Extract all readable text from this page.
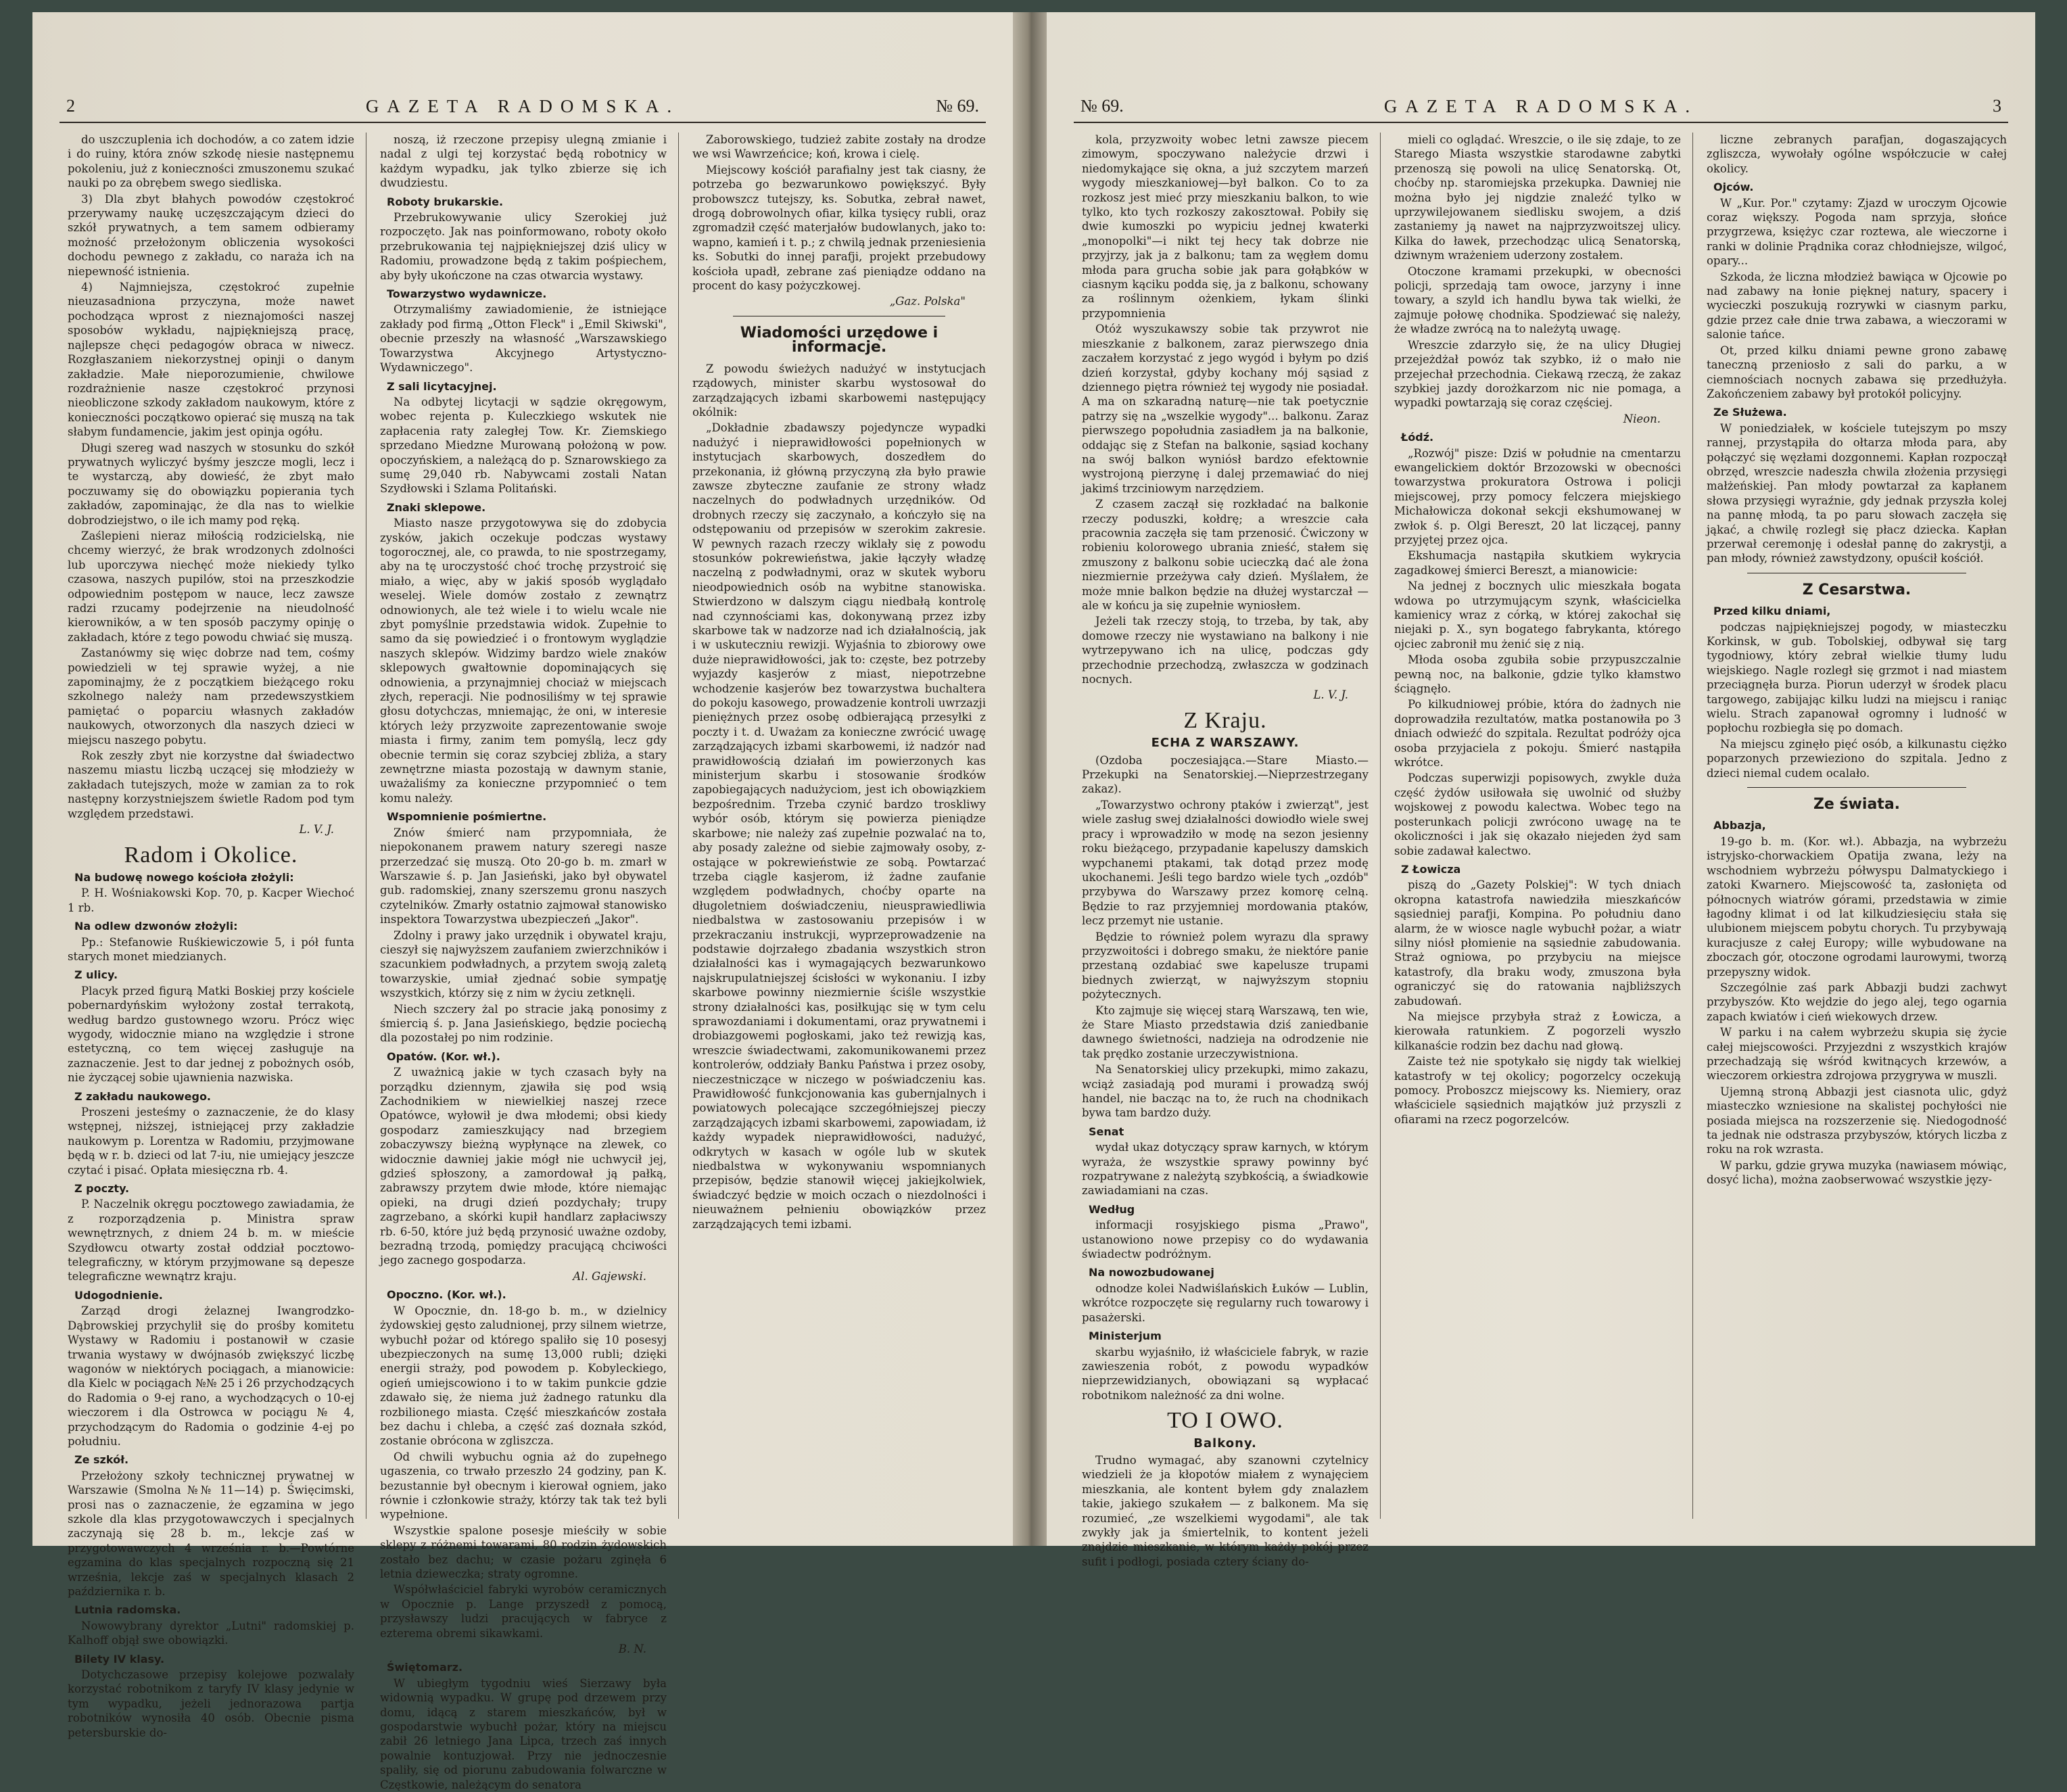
2	GAZETA RADOMSKA.	№ 69.

do uszczuplenia ich dochodów, a co zatem idzie i do ruiny, która znów szkodę niesie następnemu pokoleniu, już z konieczności zmuszonemu szukać nauki po za obrębem swego siedliska.

3) Dla zbyt błahych powodów częstokroć przerywamy naukę uczęszczającym dzieci do szkół prywatnych, a tem samem odbieramy możność przełożonym obliczenia wysokości dochodu pewnego z zakładu, co naraża ich na niepewność istnienia.

4) Najmniejsza, częstokroć zupełnie nieuzasadniona przyczyna, może nawet pochodząca wprost z nieznajomości naszej sposobów wykładu, najpiękniejszą pracę, najlepsze chęci pedagogów obraca w niwecz. Rozgłaszaniem niekorzystnej opinji o danym zakładzie. Małe nieporozumienie, chwilowe rozdrażnienie nasze częstokroć przynosi nieobliczone szkody zakładom naukowym, które z konieczności początkowo opierać się muszą na tak słabym fundamencie, jakim jest opinja ogółu.

Długi szereg wad naszych w stosunku do szkół prywatnych wyliczyć byśmy jeszcze mogli, lecz i te wystarczą, aby dowieść, że zbyt mało poczuwamy się do obowiązku popierania tych zakładów, zapominając, że dla nas to wielkie dobrodziejstwo, o ile ich mamy pod ręką.

Zaślepieni nieraz miłością rodzicielską, nie chcemy wierzyć, że brak wrodzonych zdolności lub uporczywa niechęć może niekiedy tylko czasowa, naszych pupilów, stoi na przeszkodzie odpowiednim postępom w nauce, lecz zawsze radzi rzucamy podejrzenie na nieudolność kierowników, a w ten sposób paczymy opinję o zakładach, które z tego powodu chwiać się muszą.

Zastanówmy się więc dobrze nad tem, cośmy powiedzieli w tej sprawie wyżej, a nie zapominajmy, że z początkiem bieżącego roku szkolnego należy nam przedewszystkiem pamiętać o poparciu własnych zakładów naukowych, otworzonych dla naszych dzieci w miejscu naszego pobytu.

Rok zeszły zbyt nie korzystne dał świadectwo naszemu miastu liczbą uczącej się młodzieży w zakładach tutejszych, może w zamian za to rok następny korzystniejszem świetle Radom pod tym względem przedstawi.

L. V. J.

Radom i Okolice.
Na budowę nowego kościoła złożyli:

P. H. Wośniakowski Kop. 70, p. Kacper Wiechoć 1 rb.

Na odlew dzwonów złożyli:

Pp.: Stefanowie Ruśkiewiczowie 5, i pół funta starych monet miedzianych.

Z ulicy.

Placyk przed figurą Matki Boskiej przy kościele pobernardyńskim wyłożony został terrakotą, według bardzo gustownego wzoru. Prócz więc wygody, widocznie miano na względzie i strone estetyczną, co tem więcej zasługuje na zaznaczenie. Jest to dar jednej z pobożnych osób, nie życzącej sobie ujawnienia nazwiska.

Z zakładu naukowego.

Proszeni jesteśmy o zaznaczenie, że do klasy wstępnej, niższej, istniejącej przy zakładzie naukowym p. Lorentza w Radomiu, przyjmowane będą w r. b. dzieci od lat 7-iu, nie umiejący jeszcze czytać i pisać. Opłata miesięczna rb. 4.

Z poczty.

P. Naczelnik okręgu pocztowego zawiadamia, że z rozporządzenia p. Ministra spraw wewnętrznych, z dniem 24 b. m. w mieście Szydłowcu otwarty został oddział pocztowo-telegraficzny, w którym przyjmowane są depesze telegraficzne wewnątrz kraju.

Udogodnienie.

Zarząd drogi żelaznej Iwangrodzko-Dąbrowskiej przychylił się do prośby komitetu Wystawy w Radomiu i postanowił w czasie trwania wystawy w dwójnasób zwiększyć liczbę wagonów w niektórych pociągach, a mianowicie: dla Kielc w pociągach №№ 25 i 26 przychodzących do Radomia o 9-ej rano, a wychodzących o 10-ej wieczorem i dla Ostrowca w pociągu № 4, przychodzącym do Radomia o godzinie 4-ej po południu.

Ze szkół.

Przełożony szkoły technicznej prywatnej w Warszawie (Smolna №№ 11—14) p. Święcimski, prosi nas o zaznaczenie, że egzamina w jego szkole dla klas przygotowawczych i specjalnych zaczynają się 28 b. m., lekcje zaś w przygotowawczych 4 września r. b.—Powtórne egzamina do klas specjalnych rozpoczną się 21 września, lekcje zaś w specjalnych klasach 2 października r. b.

Lutnia radomska.

Nowowybrany dyrektor „Lutni" radomskiej p. Kalhoff objął swe obowiązki.

Bilety IV klasy.

Dotychczasowe przepisy kolejowe pozwalały korzystać robotnikom z taryfy IV klasy jedynie w tym wypadku, jeżeli jednorazowa partja robotników wynosiła 40 osób. Obecnie pisma petersburskie do-

noszą, iż rzeczone przepisy ulegną zmianie i nadal z ulgi tej korzystać będą robotnicy w każdym wypadku, jak tylko zbierze się ich dwudziestu.

Roboty brukarskie.

Przebrukowywanie ulicy Szerokiej już rozpoczęto. Jak nas poinformowano, roboty około przebrukowania tej najpiękniejszej dziś ulicy w Radomiu, prowadzone będą z takim pośpiechem, aby były ukończone na czas otwarcia wystawy.

Towarzystwo wydawnicze.

Otrzymaliśmy zawiadomienie, że istniejące zakłady pod firmą „Otton Fleck" i „Emil Skiwski", obecnie przeszły na własność „Warszawskiego Towarzystwa Akcyjnego Artystyczno-Wydawniczego".

Z sali licytacyjnej.

Na odbytej licytacji w sądzie okręgowym, wobec rejenta p. Kuleczkiego wskutek nie zapłacenia raty zaległej Tow. Kr. Ziemskiego sprzedano Miedzne Murowaną położoną w pow. opoczyńskiem, a należącą do p. Sznarowskiego za sumę 29,040 rb. Nabywcami zostali Natan Szydłowski i Szlama Politański.

Znaki sklepowe.

Miasto nasze przygotowywa się do zdobycia zysków, jakich oczekuje podczas wystawy togorocznej, ale, co prawda, to nie spostrzegamy, aby na tę uroczystość choć trochę przystroić się miało, a więc, aby w jakiś sposób wyglądało weselej. Wiele domów zostało z zewnątrz odnowionych, ale też wiele i to wielu wcale nie zbyt pomyślnie przedstawia widok. Zupełnie to samo da się powiedzieć i o frontowym wyglądzie naszych sklepów. Widzimy bardzo wiele znaków sklepowych gwałtownie dopominających się odnowienia, a przynajmniej chociaż w miejscach złych, reperacji. Nie podnosiliśmy w tej sprawie głosu dotychczas, mniemając, że oni, w interesie których leży przyzwoite zaprezentowanie swoje miasta i firmy, zanim tem pomyślą, lecz gdy obecnie termin się coraz szybciej zbliża, a stary zewnętrzne miasta pozostają w dawnym stanie, uważaliśmy za konieczne przypomnieć o tem komu należy.

Wspomnienie pośmiertne.

Znów śmierć nam przypomniała, że niepokonanem prawem natury szeregi nasze przerzedzać się muszą. Oto 20-go b. m. zmarł w Warszawie ś. p. Jan Jasieński, jako był obywatel gub. radomskiej, znany szerszemu gronu naszych czytelników. Zmarły ostatnio zajmował stanowisko inspektora Towarzystwa ubezpieczeń „Jakor".

Zdolny i prawy jako urzędnik i obywatel kraju, cieszył się najwyższem zaufaniem zwierzchników i szacunkiem podwładnych, a przytem swoją zaletą towarzyskie, umiał zjednać sobie sympatję wszystkich, którzy się z nim w życiu zetknęli.

Niech szczery żal po stracie jaką ponosimy z śmiercią ś. p. Jana Jasieńskiego, będzie pociechą dla pozostałej po nim rodzinie.

Opatów. (Kor. wł.).

Z uważnicą jakie w tych czasach były na porządku dziennym, zjawiła się pod wsią Zachodnikiem w niewielkiej naszej rzece Opatówce, wyłowił je dwa młodemi; obsi kiedy gospodarz zamieszkujący nad brzegiem zobaczywszy bieżną wypłynące na zlewek, co widocznie dawniej jakie mógł nie uchwycił jej, gdzieś spłoszony, a zamordował ją pałką, zabrawszy przytem dwie młode, które niemając opieki, na drugi dzień pozdychały; trupy zagrzebano, a skórki kupił handlarz zapłaciwszy rb. 6-50, które już będą przynosić uważne ozdoby, bezradną trzodą, pomiędzy pracującą chciwości jego zacnego gospodarza.

Al. Gajewski.

Opoczno. (Kor. wł.).

W Opocznie, dn. 18-go b. m., w dzielnicy żydowskiej gęsto zaludnionej, przy silnem wietrze, wybuchł pożar od którego spaliło się 10 posesyj ubezpieczonych na sumę 13,000 rubli; dzięki energii straży, pod powodem p. Kobyleckiego, ogień umiejscowiono i to w takim punkcie gdzie zdawało się, że niema już żadnego ratunku dla rozbilionego miasta. Część mieszkańców została bez dachu i chleba, a część zaś doznała szkód, zostanie obrócona w zgliszcza.

Od chwili wybuchu ognia aż do zupełnego ugaszenia, co trwało przeszło 24 godziny, pan K. bezustannie był obecnym i kierował ogniem, jako równie i członkowie straży, którzy tak tak też byli wypełnione.

Wszystkie spalone posesje mieściły w sobie sklepy z różnemi towarami, 80 rodzin żydowskich zostało bez dachu; w czasie pożaru zginęła 6 letnia dzieweczka; straty ogromne.

Współwłaściciel fabryki wyrobów ceramicznych w Opocznie p. Lange przyszedł z pomocą, przysławszy ludzi pracujących w fabryce z ezterema obremi sikawkami.

B. N.

Świętomarz.

W ubiegłym tygodniu wieś Sierzawy była widownią wypadku. W grupę pod drzewem przy domu, idącą z starem mieszkańców, był w gospodarstwie wybuchł pożar, który na miejscu zabił 26 letniego Jana Lipca, trzech zaś innych powalnie kontuzjował. Przy nie jednoczesnie spaliły, się od piorunu zabudowania folwarczne w Częstkowie, należącym do senatora

Zaborowskiego, tudzież zabite zostały na drodze we wsi Wawrzeńcice; koń, krowa i cielę.

Miejscowy kościół parafialny jest tak ciasny, że potrzeba go bezwarunkowo powiększyć. Były probowszcz tutejszy, ks. Sobutka, zebrał nawet, drogą dobrowolnych ofiar, kilka tysięcy rubli, oraz zgromadził część materjałów budowlanych, jako to: wapno, kamień i t. p.; z chwilą jednak przeniesienia ks. Sobutki do innej parafji, projekt przebudowy kościoła upadł, zebrane zaś pieniądze oddano na procent do kasy pożyczkowej.

„Gaz. Polska"

Wiadomości urzędowe i informacje.

Z powodu świeżych nadużyć w instytucjach rządowych, minister skarbu wystosował do zarządzających izbami skarbowemi następujący okólnik:

„Dokładnie zbadawszy pojedyncze wypadki nadużyć i nieprawidłowości popełnionych w instytucjach skarbowych, doszedłem do przekonania, iż główną przyczyną zła było prawie zawsze zbyteczne zaufanie ze strony władz naczelnych do podwładnych urzędników. Od drobnych rzeczy się zaczynało, a kończyło się na odstępowaniu od przepisów w szerokim zakresie. W pewnych razach rzeczy wiklały się z powodu stosunków pokrewieństwa, jakie łączyły władzę naczelną z podwładnymi, oraz w skutek wyboru nieodpowiednich osób na wybitne stanowiska. Stwierdzono w dalszym ciągu niedbałą kontrolę nad czynnościami kas, dokonywaną przez izby skarbowe tak w nadzorze nad ich działalnością, jak i w uskuteczniu rewizji. Wyjaśnia to zbiorowy owe duże nieprawidłowości, jak to: częste, bez potrzeby wyjazdy kasjerów z miast, niepotrzebne wchodzenie kasjerów bez towarzystwa buchaltera do pokoju kasowego, prowadzenie kontroli uwrzazji pieniężnych przez osobę odbierającą przesyłki z poczty i t. d. Uważam za konieczne zwrócić uwagę zarządzających izbami skarbowemi, iż nadzór nad prawidłowością działań im powierzonych kas ministerjum skarbu i stosowanie środków zapobiegających nadużyciom, jest ich obowiązkiem bezpośrednim. Trzeba czynić bardzo troskliwy wybór osób, którym się powierza pieniądze skarbowe; nie należy zaś zupełnie pozwalać na to, aby posady zależne od siebie zajmowały osoby, z-ostające w pokrewieństwie ze sobą. Powtarzać trzeba ciągle kasjerom, iż żadne zaufanie względem podwładnych, choćby oparte na długoletniem doświadczeniu, nieusprawiedliwia niedbalstwa w zastosowaniu przepisów i w przekraczaniu instrukcji, wyprzeprowadzenie na podstawie dojrzałego zbadania wszystkich stron działalności kas i wymagających bezwarunkowo najskrupulatniejszej ścisłości w wykonaniu. I izby skarbowe powinny niezmiernie ściśle wszystkie strony działalności kas, posiłkując się w tym celu sprawozdaniami i dokumentami, oraz prywatnemi i drobiazgowemi pogłoskami, jako też rewizją kas, wreszcie świadectwami, zakomunikowanemi przez kontrolerów, oddziały Banku Państwa i przez osoby, nieczestniczące w niczego w poświadczeniu kas. Prawidłowość funkcjonowania kas gubernjalnych i powiatowych polecające szczegółniejszej pieczy zarządzających izbami skarbowemi, zapowiadam, iż każdy wypadek nieprawidłowości, nadużyć, odkrytych w kasach w ogóle lub w skutek niedbalstwa w wykonywaniu wspomnianych przepisów, będzie stanowił więcej jakiejkolwiek, świadczyć będzie w moich oczach o niezdolności i nieuważnem pełnieniu obowiązków przez zarządzających temi izbami.

№ 69.	GAZETA RADOMSKA.	3

kola, przyzwoity wobec letni zawsze piecem zimowym, spoczywano należycie drzwi i niedomykające się okna, a już szczytem marzeń wygody mieszkaniowej—był balkon. Co to za rozkosz jest mieć przy mieszkaniu balkon, to wie tylko, kto tych rozkoszy zakosztował. Pobiły się dwie kumoszki po wypiciu jednej kwaterki „monopolki"—i nikt tej hecy tak dobrze nie przyjrzy, jak ja z balkonu; tam za węgłem domu młoda para grucha sobie jak para gołąbków w ciasnym kąciku podda się, ja z balkonu, schowany za roślinnym ożenkiem, łykam ślinki przypomnienia

Otóż wyszukawszy sobie tak przywrot nie mieszkanie z balkonem, zaraz pierwszego dnia zaczałem korzystać z jego wygód i byłym po dziś dzień korzystał, gdyby kochany mój sąsiad z dziennego piętra również tej wygody nie posiadał. A ma on szkaradną naturę—nie tak poetycznie patrzy się na „wszelkie wygody"... balkonu. Zaraz pierwszego popołudnia zasiadłem ja na balkonie, oddając się z Stefan na balkonie, sąsiad kochany na swój balkon wyniósł bardzo efektownie wystrojoną pierzynę i dalej przemawiać do niej jakimś trzciniowym narzędziem.

Z czasem zaczął się rozkładać na balkonie rzeczy poduszki, kołdrę; a wreszcie cała pracownia zaczęła się tam przenosić. Ćwiczony w robieniu kolorowego ubrania znieść, stałem się zmuszony z balkonu sobie ucieczką dać ale żona niezmiernie przeżywa cały dzień. Myślałem, że może mnie balkon będzie na dłużej wystarczał — ale w końcu ja się zupełnie wyniosłem.

Jeżeli tak rzeczy stoją, to trzeba, by tak, aby domowe rzeczy nie wystawiano na balkony i nie wytrzepywano ich na ulicę, podczas gdy przechodnie przechodzą, zwłaszcza w godzinach nocnych.

L. V. J.

Z Kraju.
ECHA Z WARSZAWY.

(Ozdoba poczesiająca.—Stare Miasto.—Przekupki na Senatorskiej.—Nieprzestrzegany zakaz).

„Towarzystwo ochrony ptaków i zwierząt", jest wiele zasług swej działalności dowiodło wiele swej pracy i wprowadziło w modę na sezon jesienny roku bieżącego, przypadanie kapeluszy damskich wypchanemi ptakami, tak dotąd przez modę ukochanemi. Jeśli tego bardzo wiele tych „ozdób" przybywa do Warszawy przez komorę celną. Będzie to raz przyjemniej mordowania ptaków, lecz przemyt nie ustanie.

Będzie to również polem wyrazu dla sprawy przyzwoitości i dobrego smaku, że niektóre panie przestaną ozdabiać swe kapelusze trupami biednych zwierząt, w najwyższym stopniu pożytecznych.

Kto zajmuje się więcej starą Warszawą, ten wie, że Stare Miasto przedstawia dziś zaniedbanie dawnego świetności, nadzieja na odrodzenie nie tak prędko zostanie urzeczywistniona.

Na Senatorskiej ulicy przekupki, mimo zakazu, wciąż zasiadają pod murami i prowadzą swój handel, nie bacząc na to, że ruch na chodnikach bywa tam bardzo duży.

Senat

wydał ukaz dotyczący spraw karnych, w którym wyraża, że wszystkie sprawy powinny być rozpatrywane z należytą szybkością, a świadkowie zawiadamiani na czas.

Według

informacji rosyjskiego pisma „Prawo", ustanowiono nowe przepisy co do wydawania świadectw podróżnym.

Na nowozbudowanej

odnodze kolei Nadwiślańskich Łuków — Lublin, wkrótce rozpoczęte się regularny ruch towarowy i pasażerski.

Ministerjum

skarbu wyjaśniło, iż właściciele fabryk, w razie zawieszenia robót, z powodu wypadków nieprzewidzianych, obowiązani są wypłacać robotnikom należność za dni wolne.

TO I OWO.
Balkony.

Trudno wymagać, aby szanowni czytelnicy wiedzieli że ja kłopotów miałem z wynajęciem mieszkania, ale kontent byłem gdy znalazłem takie, jakiego szukałem — z balkonem. Ma się rozumieć, „ze wszelkiemi wygodami", ale tak zwykły jak ja śmiertelnik, to kontent jeżeli znajdzie mieszkanie, w którym każdy pokój przez sufit i podłogi, posiada cztery ściany do-

mieli co oglądać. Wreszcie, o ile się zdaje, to ze Starego Miasta wszystkie starodawne zabytki przenoszą się powoli na ulicę Senatorską. Ot, choćby np. staromiejska przekupka. Dawniej nie można było jej nigdzie znaleźć tylko w uprzywilejowanem siedlisku swojem, a dziś zastaniemy ją nawet na najprzyzwoitszej ulicy. Kilka do ławek, przechodząc ulicą Senatorską, dziwnym wrażeniem uderzony zostałem.

Otoczone kramami przekupki, w obecności policji, sprzedają tam owoce, jarzyny i inne towary, a szyld ich handlu bywa tak wielki, że zajmuje połowę chodnika. Spodziewać się należy, że władze zwrócą na to należytą uwagę.

Wreszcie zdarzyło się, że na ulicy Długiej przejeżdżał powóz tak szybko, iż o mało nie przejechał przechodnia. Ciekawą rzeczą, że zakaz szybkiej jazdy dorożkarzom nic nie pomaga, a wypadki powtarzają się coraz częściej.

Nieon.

Łódź.

„Rozwój" pisze: Dziś w południe na cmentarzu ewangelickiem doktór Brzozowski w obecności towarzystwa prokuratora Ostrowa i policji miejscowej, przy pomocy felczera miejskiego Michałowicza dokonał sekcji ekshumowanej w zwłok ś. p. Olgi Bereszt, 20 lat liczącej, panny przyjętej przez ojca.

Ekshumacja nastąpiła skutkiem wykrycia zagadkowej śmierci Bereszt, a mianowicie:

Na jednej z bocznych ulic mieszkała bogata wdowa po utrzymującym szynk, właścicielka kamienicy wraz z córką, w której zakochał się niejaki p. X., syn bogatego fabrykanta, którego ojciec zabronił mu żenić się z nią.

Młoda osoba zgubiła sobie przypuszczalnie pewną noc, na balkonie, gdzie tylko kłamstwo ściągnęło.

Po kilkudniowej próbie, która do żadnych nie doprowadziła rezultatów, matka postanowiła po 3 dniach odwieźć do szpitala. Rezultat podróży ojca osoba przyjaciela z pokoju. Śmierć nastąpiła wkrótce.

Podczas superwizji popisowych, zwykle duża część żydów usiłowała się uwolnić od służby wojskowej z powodu kalectwa. Wobec tego na posterunkach policji zwrócono uwagę na te okoliczności i jak się okazało niejeden żyd sam sobie zadawał kalectwo.

Z Łowicza

piszą do „Gazety Polskiej": W tych dniach okropna katastrofa nawiedziła mieszkańców sąsiedniej parafji, Kompina. Po południu dano alarm, że w wiosce nagle wybuchł pożar, a wiatr silny niósł płomienie na sąsiednie zabudowania. Straż ogniowa, po przybyciu na miejsce katastrofy, dla braku wody, zmuszona była ograniczyć się do ratowania najbliższych zabudowań.

Na miejsce przybyła straż z Łowicza, a kierowała ratunkiem. Z pogorzeli wyszło kilkanaście rodzin bez dachu nad głową.

Zaiste też nie spotykało się nigdy tak wielkiej katastrofy w tej okolicy; pogorzelcy oczekują pomocy. Proboszcz miejscowy ks. Niemiery, oraz właściciele sąsiednich majątków już przyszli z ofiarami na rzecz pogorzelców.

liczne zebranych parafjan, dogaszających zgliszcza, wywołały ogólne współczucie w całej okolicy.

Ojców.

W „Kur. Por." czytamy: Zjazd w uroczym Ojcowie coraz większy. Pogoda nam sprzyja, słońce przygrzewa, księżyc czar roztewa, ale wieczorne i ranki w dolinie Prądnika coraz chłodniejsze, wilgoć, opary...

Szkoda, że liczna młodzież bawiąca w Ojcowie po nad zabawy na łonie pięknej natury, spacery i wycieczki poszukują rozrywki w ciasnym parku, gdzie przez całe dnie trwa zabawa, a wieczorami w salonie tańce.

Ot, przed kilku dniami pewne grono zabawę taneczną przeniosło z sali do parku, a w ciemnościach nocnych zabawa się przedłużyła. Zakończeniem zabawy był protokół policyjny.

Ze Służewa.

W poniedziałek, w kościele tutejszym po mszy rannej, przystąpiła do ołtarza młoda para, aby połączyć się węzłami dozgonnemi. Kapłan rozpoczął obrzęd, wreszcie nadeszła chwila złożenia przysięgi małżeńskiej. Pan młody powtarzał za kapłanem słowa przysięgi wyraźnie, gdy jednak przyszła kolej na pannę młodą, ta po paru słowach zaczęła się jąkać, a chwilę rozległ się płacz dziecka. Kapłan przerwał ceremonję i odesłał pannę do zakrystji, a pan młody, również zawstydzony, opuścił kościół.

Z Cesarstwa.
Przed kilku dniami,

podczas najpiękniejszej pogody, w miasteczku Korkinsk, w gub. Tobolskiej, odbywał się targ tygodniowy, który zebrał wielkie tłumy ludu wiejskiego. Nagle rozległ się grzmot i nad miastem przeciągnęła burza. Piorun uderzył w środek placu targowego, zabijając kilku ludzi na miejscu i raniąc wielu. Strach zapanował ogromny i ludność w popłochu rozbiegła się po domach.

Na miejscu zginęło pięć osób, a kilkunastu ciężko poparzonych przewieziono do szpitala. Jedno z dzieci niemal cudem ocalało.

Ze świata.
Abbazja,

19-go b. m. (Kor. wł.). Abbazja, na wybrzeżu istryjsko-chorwackiem Opatija zwana, leży na wschodniem wybrzeżu półwyspu Dalmatyckiego i zatoki Kwarnero. Miejscowość ta, zasłonięta od północnych wiatrów górami, przedstawia w zimie łagodny klimat i od lat kilkudziesięciu stała się ulubionem miejscem pobytu chorych. Tu przybywają kuracjusze z całej Europy; wille wybudowane na zboczach gór, otoczone ogrodami laurowymi, tworzą przepyszny widok.

Szczególnie zaś park Abbazji budzi zachwyt przybyszów. Kto wejdzie do jego alej, tego ogarnia zapach kwiatów i cień wiekowych drzew.

W parku i na całem wybrzeżu skupia się życie całej miejscowości. Przyjezdni z wszystkich krajów przechadzają się wśród kwitnących krzewów, a wieczorem orkiestra zdrojowa przygrywa w muszli.

Ujemną stroną Abbazji jest ciasnota ulic, gdyż miasteczko wzniesione na skalistej pochyłości nie posiada miejsca na rozszerzenie się. Niedogodność ta jednak nie odstrasza przybyszów, których liczba z roku na rok wzrasta.

W parku, gdzie grywa muzyka (nawiasem mówiąc, dosyć licha), można zaobserwować wszystkie języ-
